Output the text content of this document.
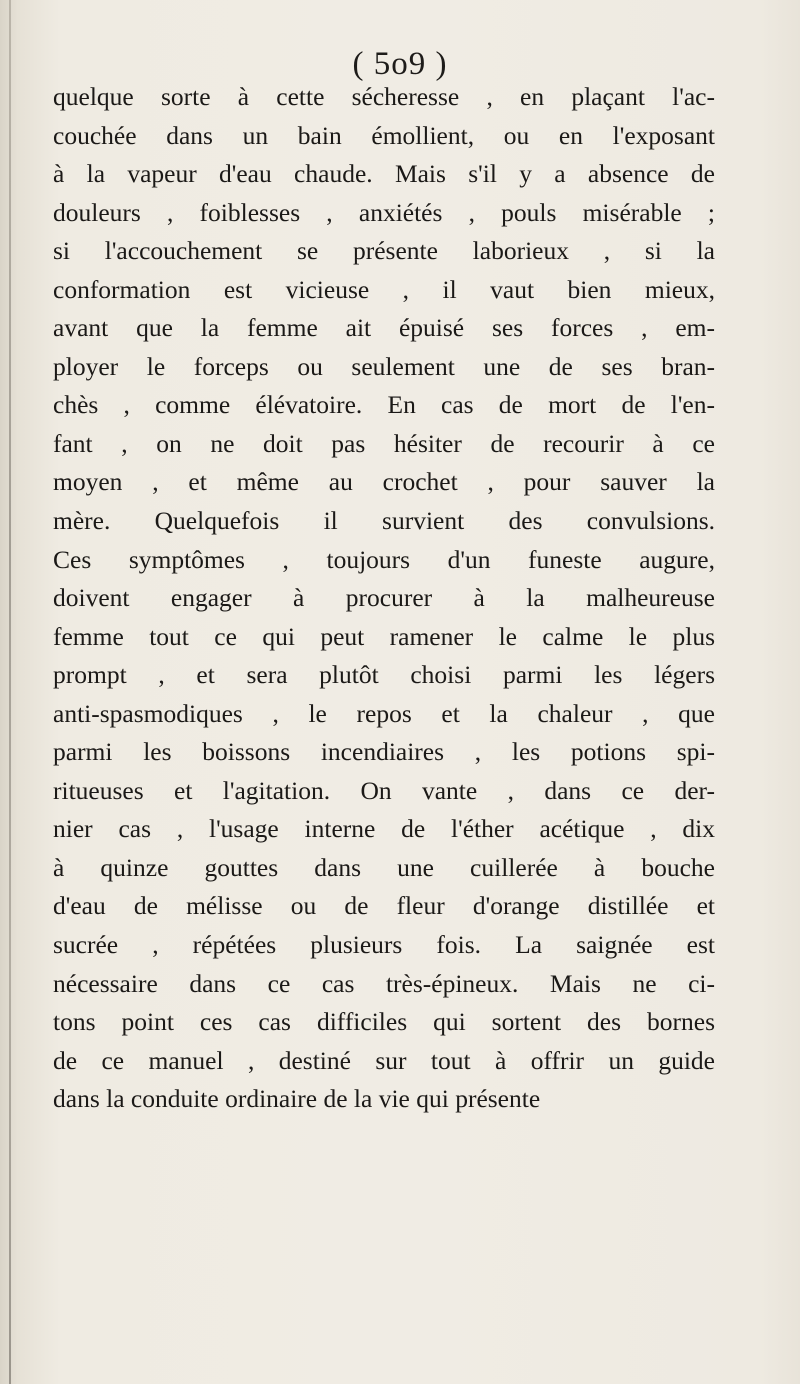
( 5o9 )
quelque sorte à cette sécheresse , en plaçant l'ac-
couchée dans un bain émollient, ou en l'exposant
à la vapeur d'eau chaude. Mais s'il y a absence de
douleurs , foiblesses , anxiétés , pouls misérable ;
si l'accouchement se présente laborieux , si la
conformation est vicieuse , il vaut bien mieux,
avant que la femme ait épuisé ses forces , em-
ployer le forceps ou seulement une de ses bran-
chès , comme élévatoire. En cas de mort de l'en-
fant , on ne doit pas hésiter de recourir à ce
moyen , et même au crochet , pour sauver la
mère. Quelquefois il survient des convulsions.
Ces symptômes , toujours d'un funeste augure,
doivent engager à procurer à la malheureuse
femme tout ce qui peut ramener le calme le plus
prompt , et sera plutôt choisi parmi les légers
anti-spasmodiques , le repos et la chaleur , que
parmi les boissons incendiaires , les potions spi-
ritueuses et l'agitation. On vante , dans ce der-
nier cas , l'usage interne de l'éther acétique , dix
à quinze gouttes dans une cuillerée à bouche
d'eau de mélisse ou de fleur d'orange distillée et
sucrée , répétées plusieurs fois. La saignée est
nécessaire dans ce cas très-épineux. Mais ne ci-
tons point ces cas difficiles qui sortent des bornes
de ce manuel , destiné sur tout à offrir un guide
dans la conduite ordinaire de la vie qui présente
